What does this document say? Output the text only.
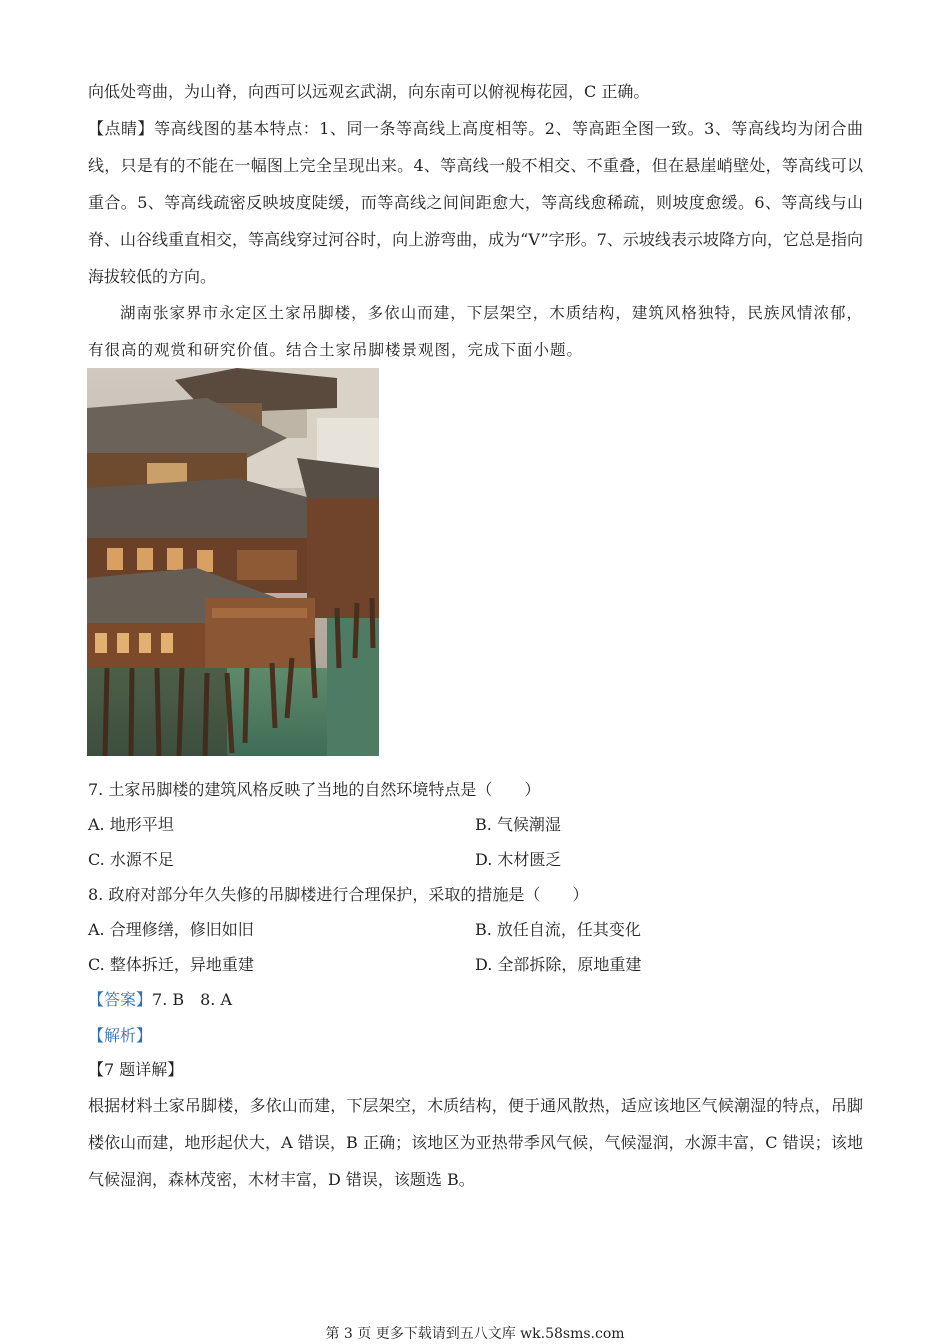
向低处弯曲，为山脊，向西可以远观玄武湖，向东南可以俯视梅花园，C 正确。

【点睛】等高线图的基本特点：1、同一条等高线上高度相等。2、等高距全图一致。3、等高线均为闭合曲线，只是有的不能在一幅图上完全呈现出来。4、等高线一般不相交、不重叠，但在悬崖峭壁处，等高线可以重合。5、等高线疏密反映坡度陡缓，而等高线之间间距愈大，等高线愈稀疏，则坡度愈缓。6、等高线与山脊、山谷线重直相交，等高线穿过河谷时，向上游弯曲，成为“V”字形。7、示坡线表示坡降方向，它总是指向海拔较低的方向。

湖南张家界市永定区土家吊脚楼，多依山而建，下层架空，木质结构，建筑风格独特，民族风情浓郁，有很高的观赏和研究价值。结合土家吊脚楼景观图，完成下面小题。

7. 土家吊脚楼的建筑风格反映了当地的自然环境特点是（　　）
A. 地形平坦	B. 气候潮湿
C. 水源不足	D. 木材匮乏
8. 政府对部分年久失修的吊脚楼进行合理保护，采取的措施是（　　）
A. 合理修缮，修旧如旧	B. 放任自流，任其变化
C. 整体拆迁，异地重建	D. 全部拆除，原地重建
【答案】7. B　8. A
【解析】
【7 题详解】

根据材料土家吊脚楼，多依山而建，下层架空，木质结构，便于通风散热，适应该地区气候潮湿的特点，吊脚楼依山而建，地形起伏大，A 错误，B 正确；该地区为亚热带季风气候，气候湿润，水源丰富，C 错误；该地气候湿润，森林茂密，木材丰富，D 错误，该题选 B。

第 3 页 更多下载请到五八文库 wk.58sms.com
